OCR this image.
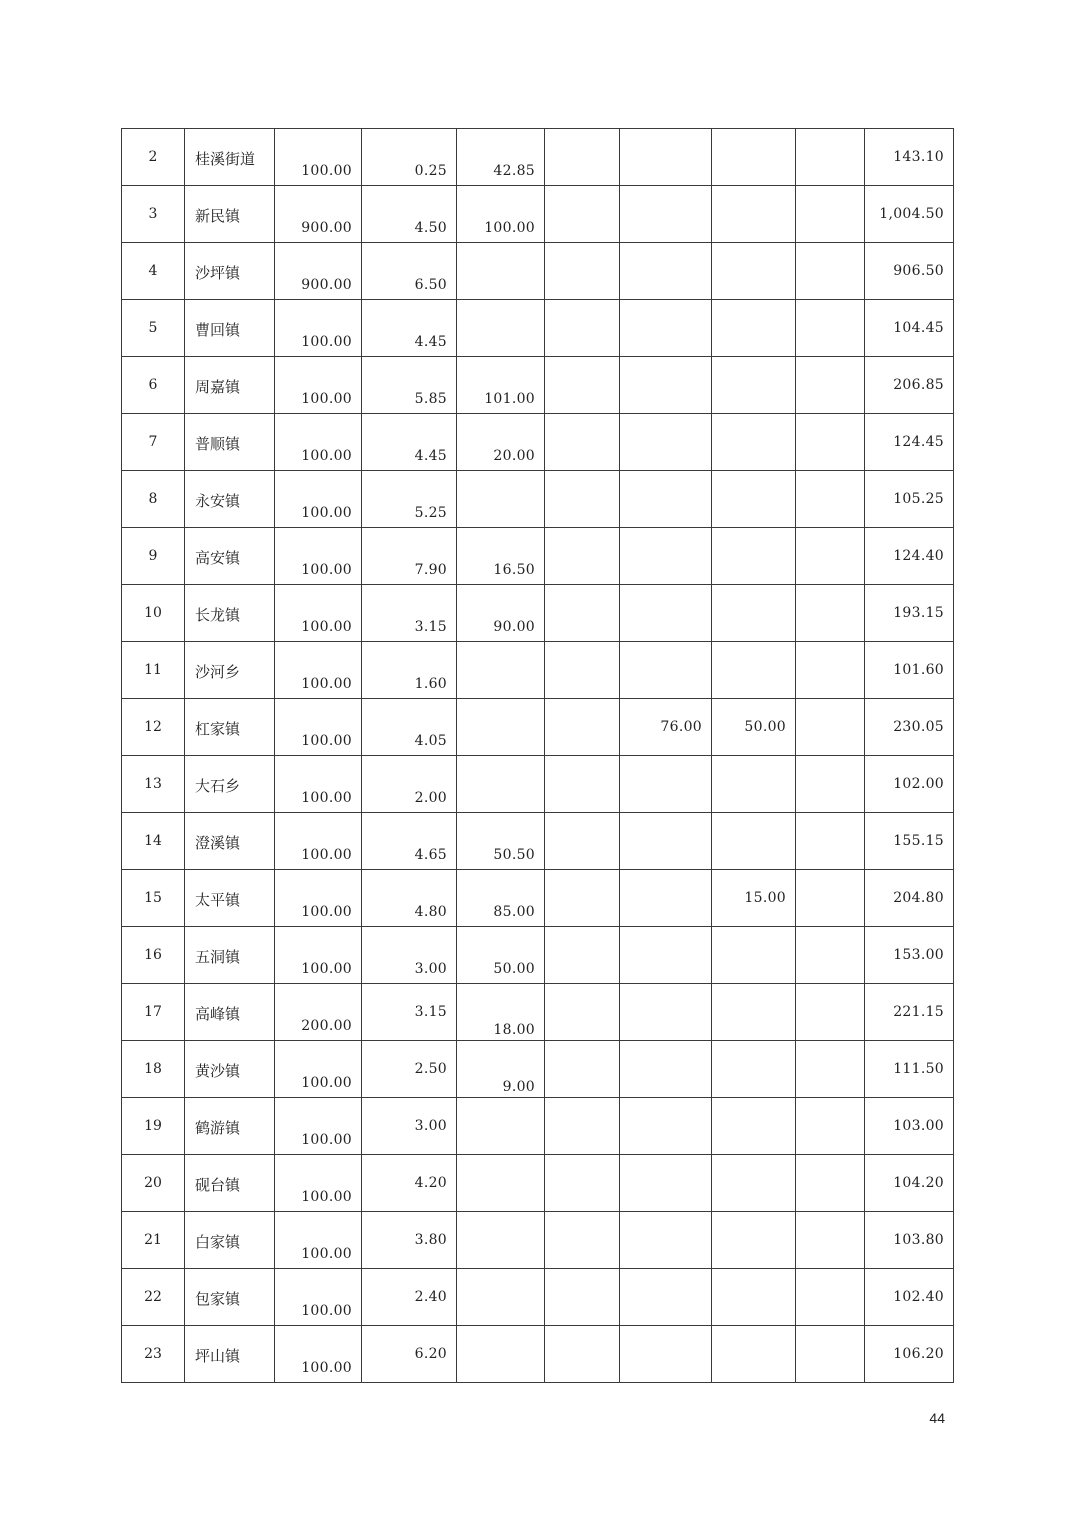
2	桂溪街道	100.00	0.25	42.85					143.10

3	新民镇	900.00	4.50	100.00					1,004.50

4	沙坪镇	900.00	6.50						906.50

5	曹回镇	100.00	4.45						104.45

6	周嘉镇	100.00	5.85	101.00					206.85

7	普顺镇	100.00	4.45	20.00					124.45

8	永安镇	100.00	5.25						105.25

9	高安镇	100.00	7.90	16.50					124.40

10	长龙镇	100.00	3.15	90.00					193.15

11	沙河乡	100.00	1.60						101.60

12	杠家镇	100.00	4.05			76.00	50.00		230.05

13	大石乡	100.00	2.00						102.00

14	澄溪镇	100.00	4.65	50.50					155.15

15	太平镇	100.00	4.80	85.00			15.00		204.80

16	五洞镇	100.00	3.00	50.00					153.00

17	高峰镇	200.00	3.15	18.00					221.15

18	黄沙镇	100.00	2.50	9.00					111.50

19	鹤游镇	100.00	3.00						103.00

20	砚台镇	100.00	4.20						104.20

21	白家镇	100.00	3.80						103.80

22	包家镇	100.00	2.40						102.40

23	坪山镇	100.00	6.20						106.20
44
